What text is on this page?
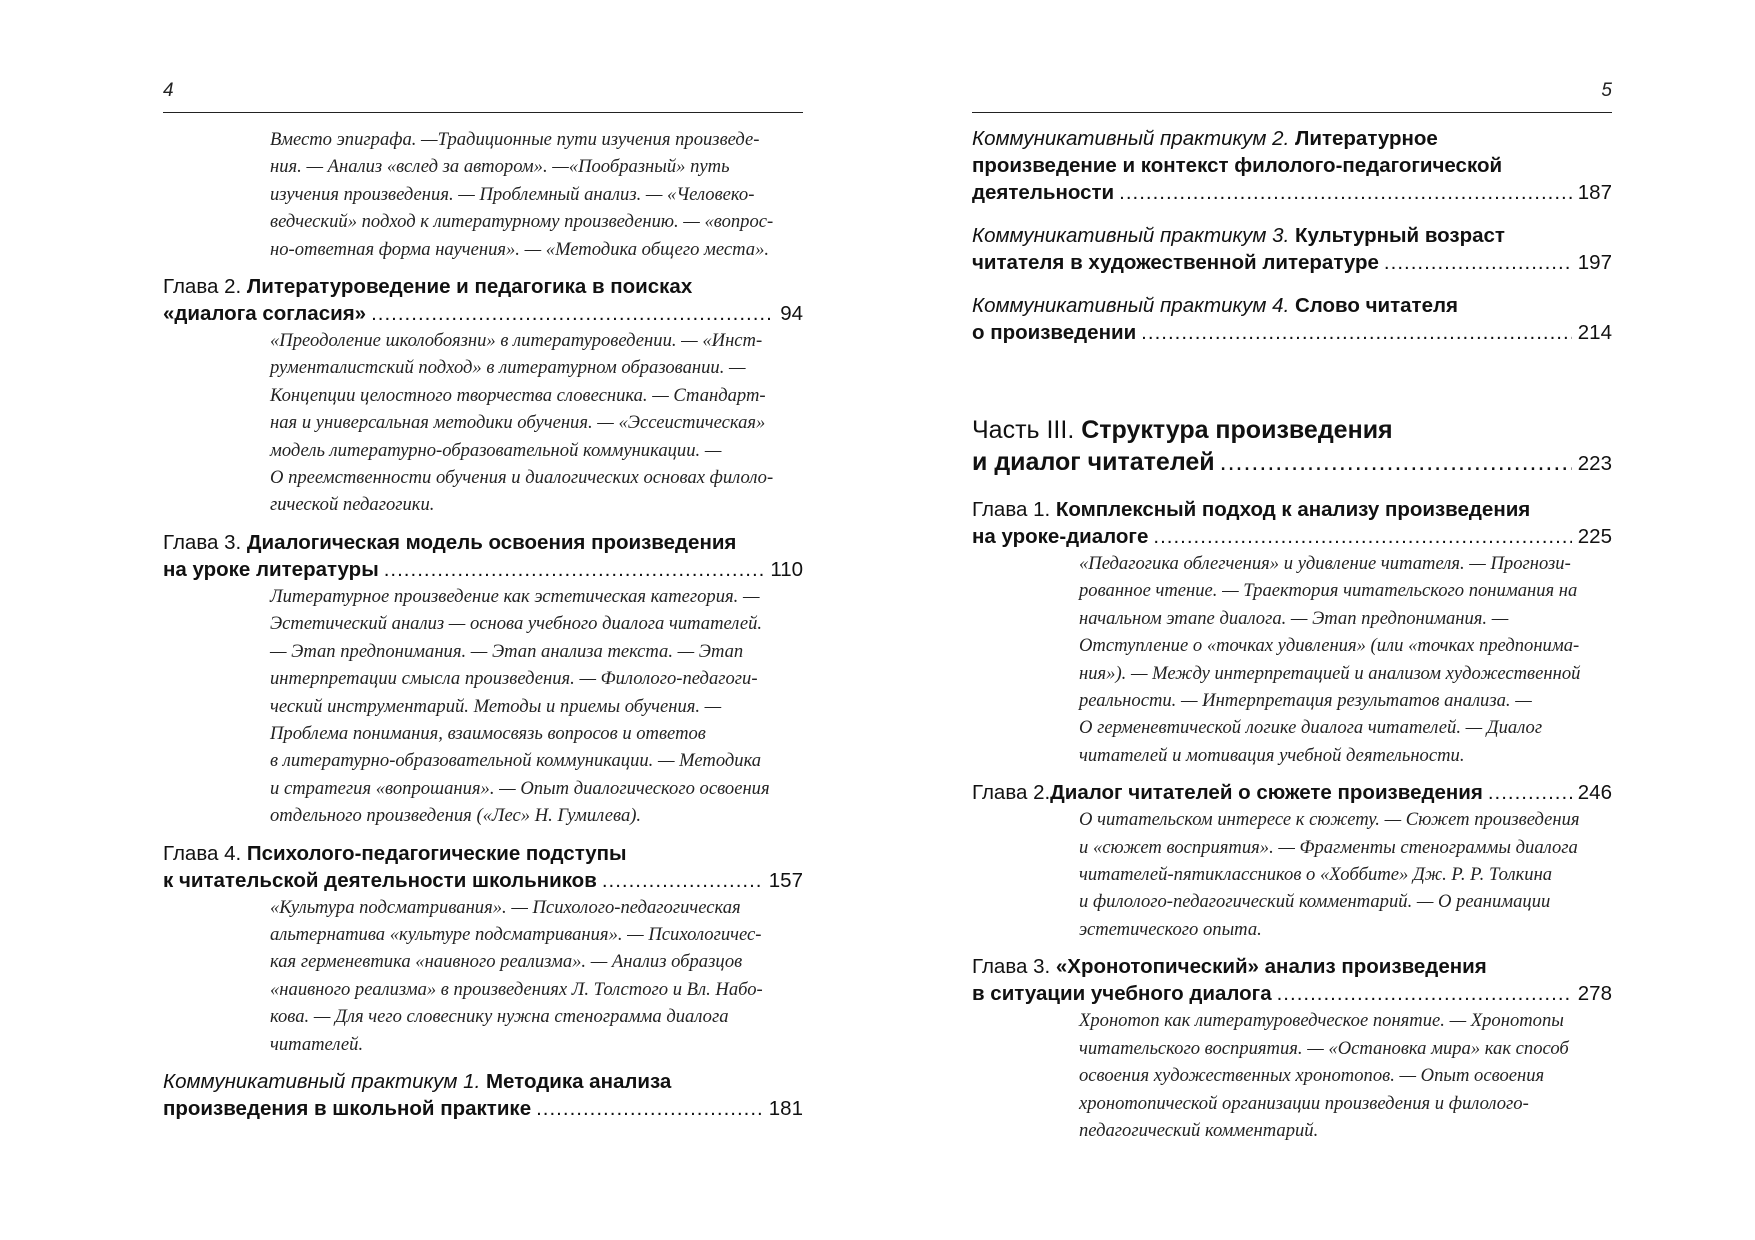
4
Вместо эпиграфа. —Традиционные пути изучения произведе-
ния. — Анализ «вслед за автором». —«Пообразный» путь
изучения произведения. — Проблемный анализ. — «Человеко-
ведческий» подход к литературному произведению. — «вопрос-
но-ответная форма научения». — «Методика общего места».
Глава 2. Литературоведение и педагогика в поисках
«диалога согласия» .....	94
«Преодоление школобоязни» в литературоведении. — «Инст-
рументалистский подход» в литературном образовании. —
Концепции целостного творчества словесника. — Стандарт-
ная и универсальная методики обучения. — «Эссеистическая»
модель литературно-образовательной коммуникации. —
О преемственности обучения и диалогических основах филоло-
гической педагогики.
Глава 3. Диалогическая модель освоения произведения
на уроке литературы .....	110
Литературное произведение как эстетическая категория. —
Эстетический анализ — основа учебного диалога читателей.
— Этап предпонимания. — Этап анализа текста. — Этап
интерпретации смысла произведения. — Филолого-педагоги-
ческий инструментарий. Методы и приемы обучения. —
Проблема понимания, взаимосвязь вопросов и ответов
в литературно-образовательной коммуникации. — Методика
и стратегия «вопрошания». — Опыт диалогического освоения
отдельного произведения («Лес» Н. Гумилева).
Глава 4. Психолого-педагогические подступы
к читательской деятельности школьников .....	157
«Культура подсматривания». — Психолого-педагогическая
альтернатива «культуре подсматривания». — Психологичес-
кая герменевтика «наивного реализма». — Анализ образцов
«наивного реализма» в произведениях Л. Толстого и Вл. Набо-
кова. — Для чего словеснику нужна стенограмма диалога
читателей.
Коммуникативный практикум 1. Методика анализа
произведения в школьной практике .....	181
5
Коммуникативный практикум 2. Литературное
произведение и контекст филолого-педагогической
деятельности .....	187
Коммуникативный практикум 3. Культурный возраст
читателя в художественной литературе .....	197
Коммуникативный практикум 4. Слово читателя
о произведении .....	214
Часть III. Структура произведения
и диалог читателей .....	223
Глава 1. Комплексный подход к анализу произведения
на уроке-диалоге .....	225
«Педагогика облегчения» и удивление читателя. — Прогнози-
рованное чтение. — Траектория читательского понимания на
начальном этапе диалога. — Этап предпонимания. —
Отступление о «точках удивления» (или «точках предпонима-
ния»). — Между интерпретацией и анализом художественной
реальности. — Интерпретация результатов анализа. —
О герменевтической логике диалога читателей. — Диалог
читателей и мотивация учебной деятельности.
Глава 2. Диалог читателей о сюжете произведения .....	246
О читательском интересе к сюжету. — Сюжет произведения
и «сюжет восприятия». — Фрагменты стенограммы диалога
читателей-пятиклассников о «Хоббите» Дж. Р. Р. Толкина
и филолого-педагогический комментарий. — О реанимации
эстетического опыта.
Глава 3. «Хронотопический» анализ произведения
в ситуации учебного диалога .....	278
Хронотоп как литературоведческое понятие. — Хронотопы
читательского восприятия. — «Остановка мира» как способ
освоения художественных хронотопов. — Опыт освоения
хронотопической организации произведения и филолого-
педагогический комментарий.
